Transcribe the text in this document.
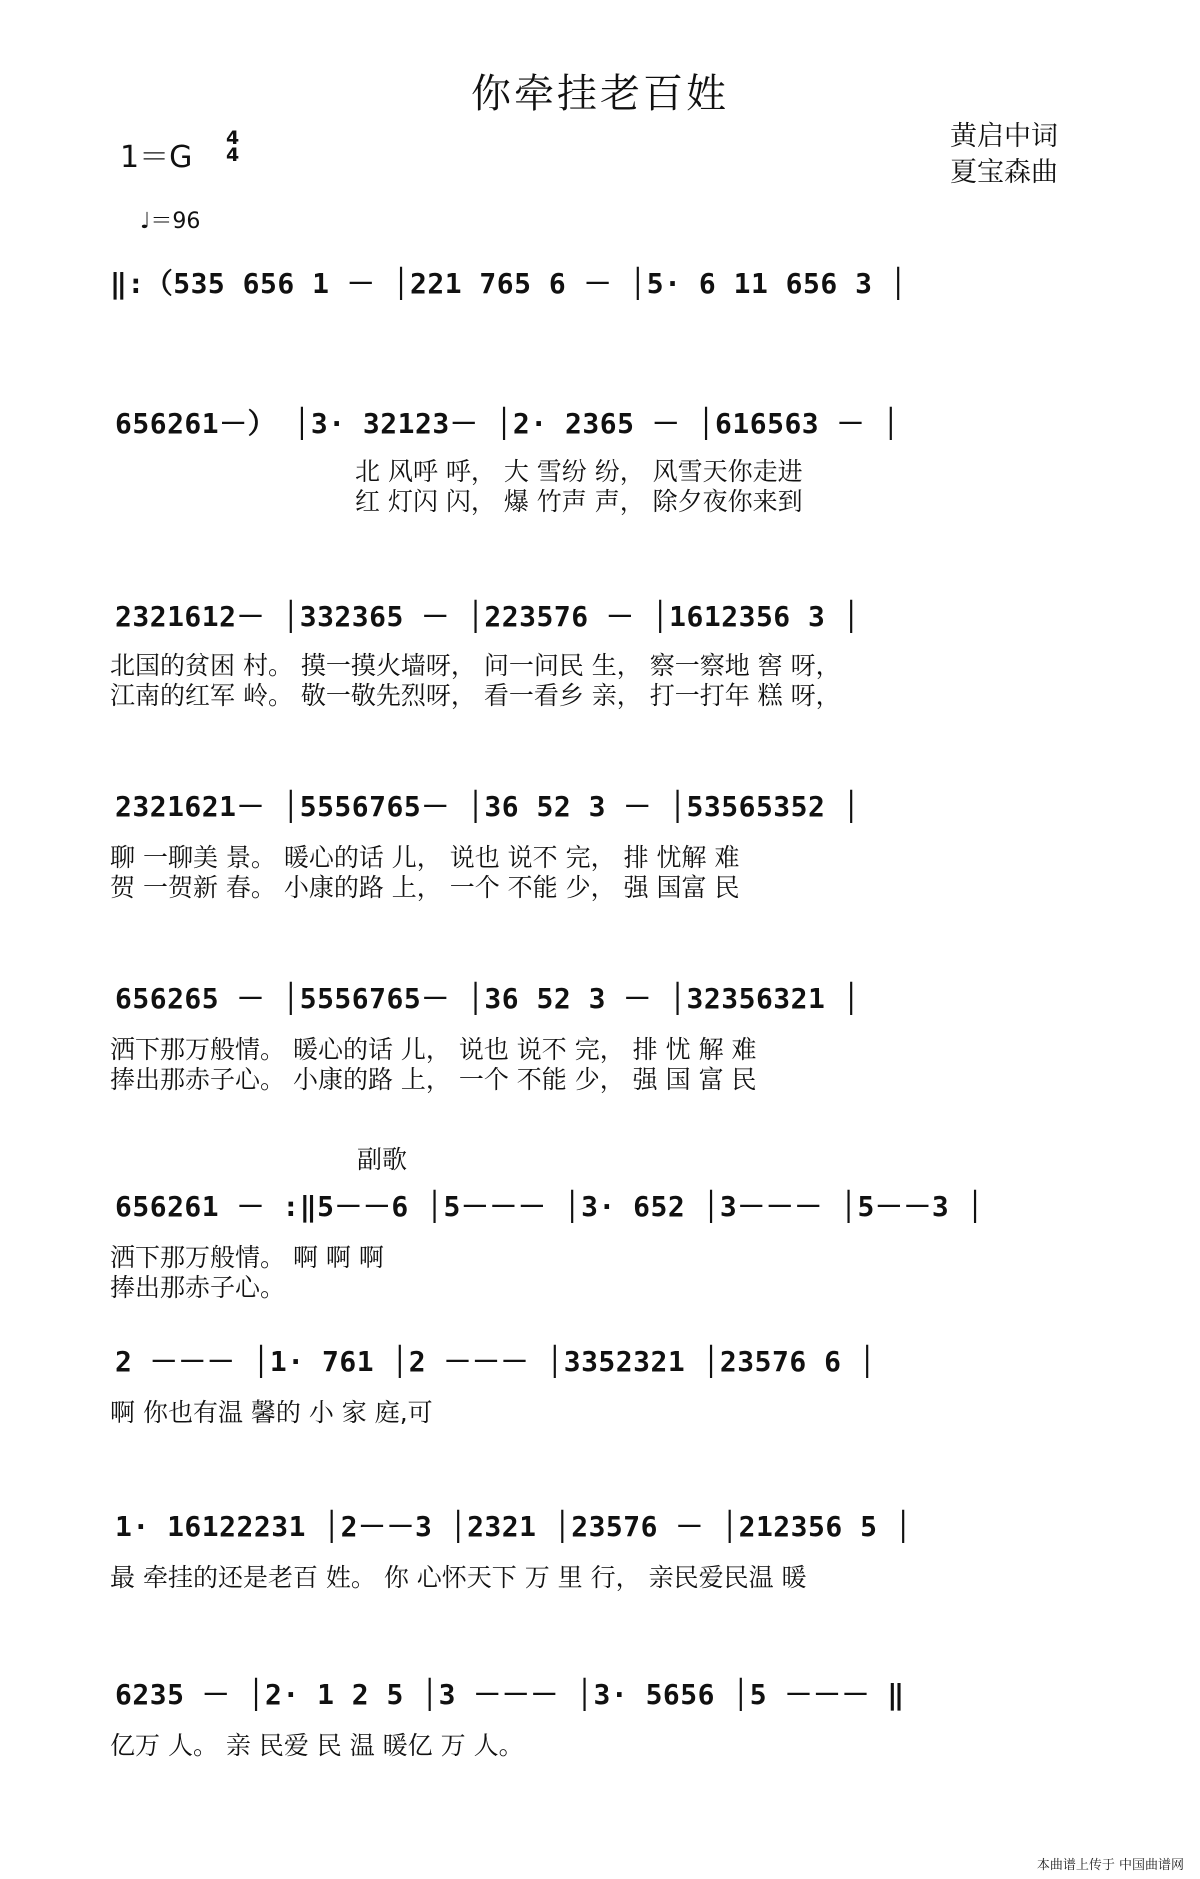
你牵挂老百姓
1＝G
4
4
♩＝96
黄启中词
夏宝森曲
‖:（535 656 1 － │221 765 6 － │5· 6 11 656 3 │
656261－） │3· 32123－ │2· 2365 － │616563 － │
北 风呼 呼， 大 雪纷 纷， 风雪天你走进
红 灯闪 闪， 爆 竹声 声， 除夕夜你来到
2321612－ │332365 － │223576 － │1612356 3 │
北国的贫困 村。 摸一摸火墙呀， 问一问民 生， 察一察地 窖 呀，
江南的红军 岭。 敬一敬先烈呀， 看一看乡 亲， 打一打年 糕 呀，
2321621－ │5556765－ │36 52 3 － │53565352 │
聊 一聊美 景。 暖心的话 儿， 说也 说不 完， 排 忧解 难
贺 一贺新 春。 小康的路 上， 一个 不能 少， 强 国富 民
656265 － │5556765－ │36 52 3 － │32356321 │
洒下那万般情。 暖心的话 儿， 说也 说不 完， 排 忧 解 难
捧出那赤子心。 小康的路 上， 一个 不能 少， 强 国 富 民
副歌
656261 － :‖5－－6 │5－－－ │3· 652 │3－－－ │5－－3 │
洒下那万般情。 啊 啊 啊
捧出那赤子心。
2 －－－ │1· 761 │2 －－－ │3352321 │23576 6 │
啊 你也有温 馨的 小 家 庭,可
1· 16122231 │2－－3 │2321 │23576 － │212356 5 │
最 牵挂的还是老百 姓。 你 心怀天下 万 里 行， 亲民爱民温 暖
6235 － │2· 1 2 5 │3 －－－ │3· 5656 │5 －－－ ‖
亿万 人。 亲 民爱 民 温 暖亿 万 人。
本曲谱上传于 中国曲谱网
